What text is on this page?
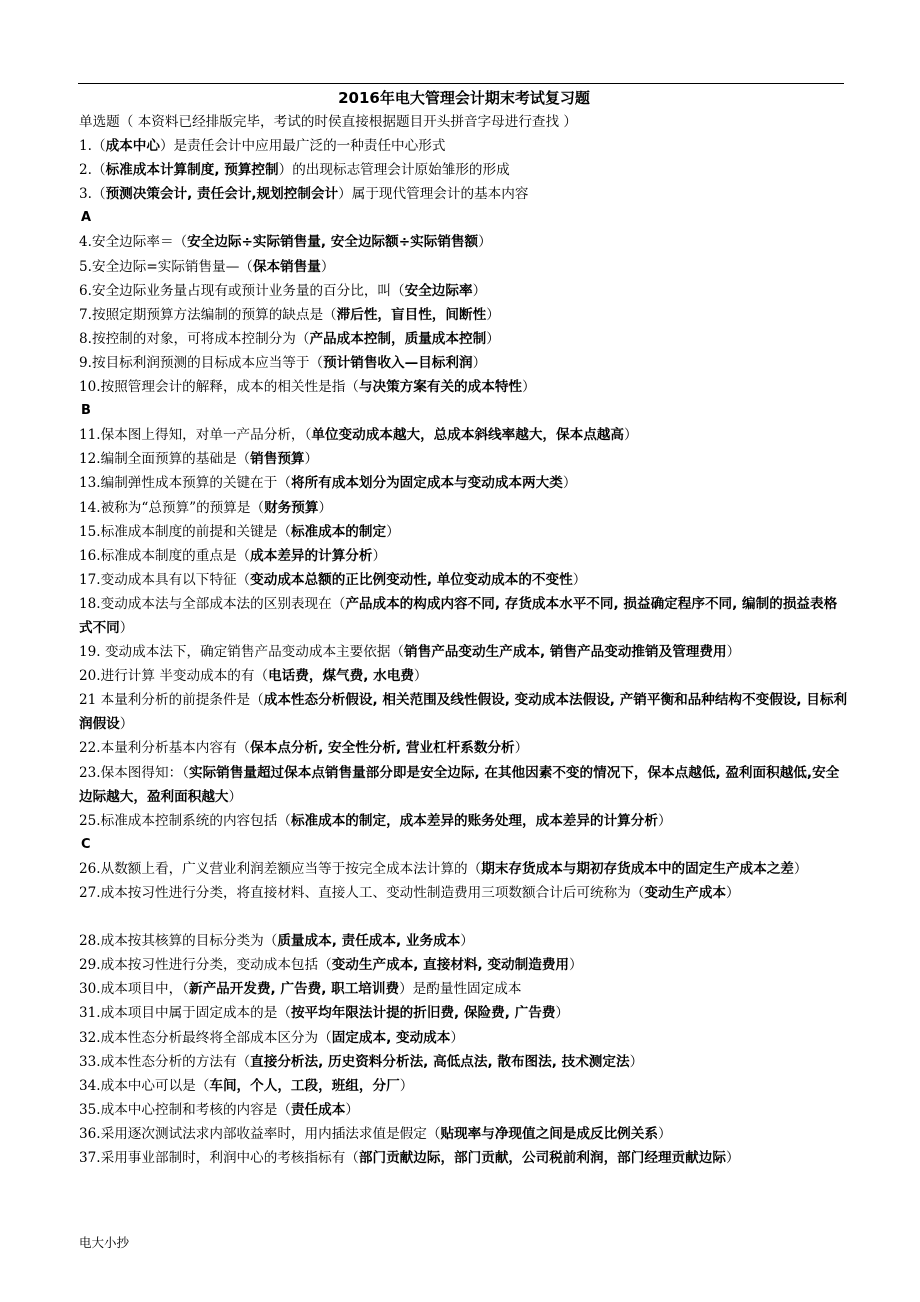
2016年电大管理会计期末考试复习题
单选题（ 本资料已经排版完毕，考试的时侯直接根据题目开头拼音字母进行查找 ）
1.（成本中心）是责任会计中应用最广泛的一种责任中心形式
2.（标准成本计算制度, 预算控制）的出现标志管理会计原始雏形的形成
3.（预测决策会计, 责任会计,规划控制会计）属于现代管理会计的基本内容
A
4.安全边际率＝（安全边际÷实际销售量, 安全边际额÷实际销售额）
5.安全边际=实际销售量—（保本销售量）
6.安全边际业务量占现有或预计业务量的百分比，叫（安全边际率）
7.按照定期预算方法编制的预算的缺点是（滞后性，盲目性，间断性）
8.按控制的对象，可将成本控制分为（产品成本控制，质量成本控制）
9.按目标利润预测的目标成本应当等于（预计销售收入—目标利润）
10.按照管理会计的解释，成本的相关性是指（与决策方案有关的成本特性）
B
11.保本图上得知，对单一产品分析，（单位变动成本越大，总成本斜线率越大，保本点越高）
12.编制全面预算的基础是（销售预算）
13.编制弹性成本预算的关键在于（将所有成本划分为固定成本与变动成本两大类）
14.被称为“总预算”的预算是（财务预算）
15.标准成本制度的前提和关键是（标准成本的制定）
16.标准成本制度的重点是（成本差异的计算分析）
17.变动成本具有以下特征（变动成本总额的正比例变动性, 单位变动成本的不变性）
18.变动成本法与全部成本法的区别表现在（产品成本的构成内容不同, 存货成本水平不同, 损益确定程序不同, 编制的损益表格式不同）
19. 变动成本法下，确定销售产品变动成本主要依据（销售产品变动生产成本, 销售产品变动推销及管理费用）
20.进行计算 半变动成本的有（电话费，煤气费, 水电费）
21 本量利分析的前提条件是（成本性态分析假设, 相关范围及线性假设, 变动成本法假设, 产销平衡和品种结构不变假设, 目标利润假设）
22.本量利分析基本内容有（保本点分析, 安全性分析, 营业杠杆系数分析）
23.保本图得知：（实际销售量超过保本点销售量部分即是安全边际, 在其他因素不变的情况下，保本点越低, 盈利面积越低,安全边际越大，盈利面积越大）
25.标准成本控制系统的内容包括（标准成本的制定，成本差异的账务处理，成本差异的计算分析）
C
26.从数额上看，广义营业利润差额应当等于按完全成本法计算的（期末存货成本与期初存货成本中的固定生产成本之差）
27.成本按习性进行分类，将直接材料、直接人工、变动性制造费用三项数额合计后可统称为（变动生产成本）
28.成本按其核算的目标分类为（质量成本, 责任成本, 业务成本）
29.成本按习性进行分类，变动成本包括（变动生产成本, 直接材料, 变动制造费用）
30.成本项目中，（新产品开发费, 广告费, 职工培训费）是酌量性固定成本
31.成本项目中属于固定成本的是（按平均年限法计提的折旧费, 保险费, 广告费）
32.成本性态分析最终将全部成本区分为（固定成本, 变动成本）
33.成本性态分析的方法有（直接分析法, 历史资料分析法, 高低点法, 散布图法, 技术测定法）
34.成本中心可以是（车间，个人，工段，班组，分厂）
35.成本中心控制和考核的内容是（责任成本）
36.采用逐次测试法求内部收益率时，用内插法求值是假定（贴现率与净现值之间是成反比例关系）
37.采用事业部制时，利润中心的考核指标有（部门贡献边际，部门贡献，公司税前利润，部门经理贡献边际）
电大小抄
